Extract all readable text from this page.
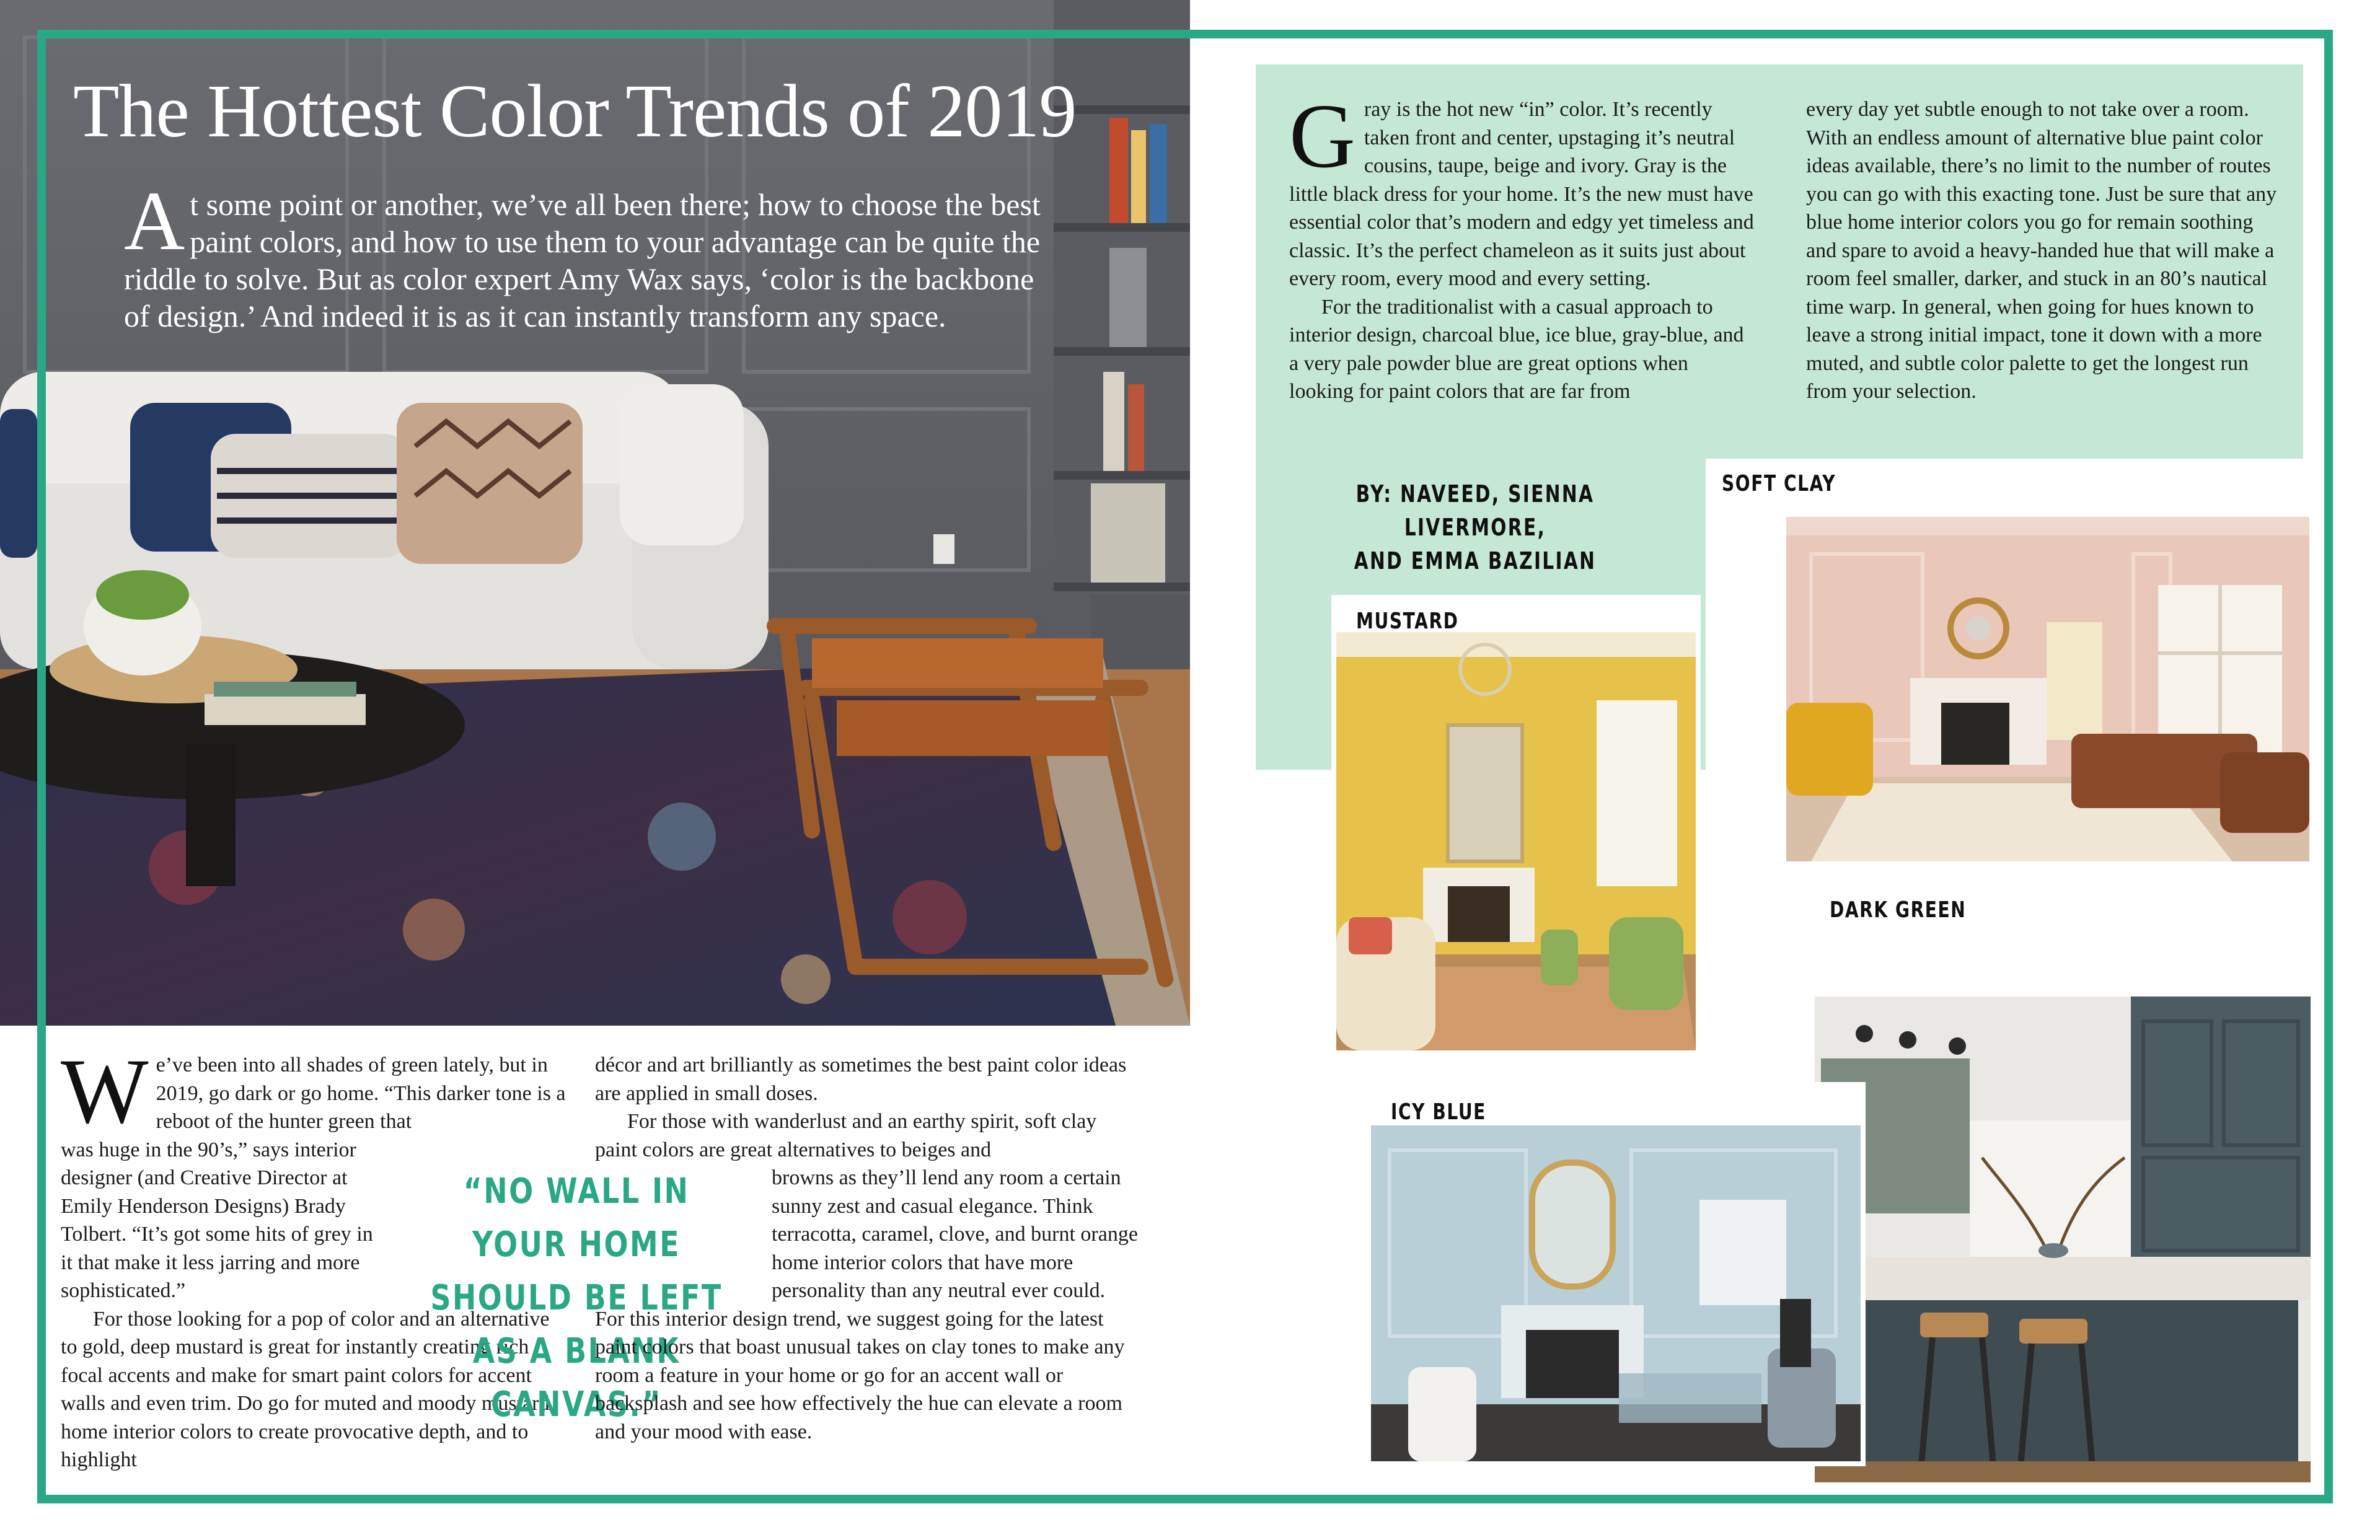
The Hottest Color Trends of 2019

At some point or another, we’ve all been there; how to choose the best paint colors, and how to use them to your advantage can be quite the riddle to solve. But as color expert Amy Wax says, ‘color is the backbone of design.’ And indeed it is as it can instantly transform any space.

Gray is the hot new “in” color. It’s recently taken front and center, upstaging it’s neutral cousins, taupe, beige and ivory. Gray is the little black dress for your home. It’s the new must have essential color that’s modern and edgy yet timeless and classic. It’s the perfect chameleon as it suits just about every room, every mood and every setting.

For the traditionalist with a casual approach to interior design, charcoal blue, ice blue, gray-blue, and a very pale powder blue are great options when looking for paint colors that are far from

every day yet subtle enough to not take over a room. With an endless amount of alternative blue paint color ideas available, there’s no limit to the number of routes you can go with this exacting tone. Just be sure that any blue home interior colors you go for remain soothing and spare to avoid a heavy-handed hue that will make a room feel smaller, darker, and stuck in an 80’s nautical time warp. In general, when going for hues known to leave a strong initial impact, tone it down with a more muted, and subtle color palette to get the longest run from your selection.

BY: NAVEED, SIENNA LIVERMORE,
AND EMMA BAZILIAN
SOFT CLAY
MUSTARD
DARK GREEN
ICY BLUE

We’ve been into all shades of green lately, but in 2019, go dark or go home. “This darker tone is a reboot of the hunter green that

was huge in the 90’s,” says interior designer (and Creative Director at Emily Henderson Designs) Brady Tolbert. “It’s got some hits of grey in it that make it less jarring and more sophisticated.”

For those looking for a pop of color and an alternative to gold, deep mustard is great for instantly creating rich focal accents and make for smart paint colors for accent walls and even trim. Do go for muted and moody mustard home interior colors to create provocative depth, and to highlight

“NO WALL IN YOUR HOME SHOULD BE LEFT AS A BLANK CANVAS.”

décor and art brilliantly as sometimes the best paint color ideas are applied in small doses.

For those with wanderlust and an earthy spirit, soft clay paint colors are great alternatives to beiges and

browns as they’ll lend any room a certain sunny zest and casual elegance. Think terracotta, caramel, clove, and burnt orange home interior colors that have more personality than any neutral ever could.

For this interior design trend, we suggest going for the latest paint colors that boast unusual takes on clay tones to make any room a feature in your home or go for an accent wall or backsplash and see how effectively the hue can elevate a room and your mood with ease.
